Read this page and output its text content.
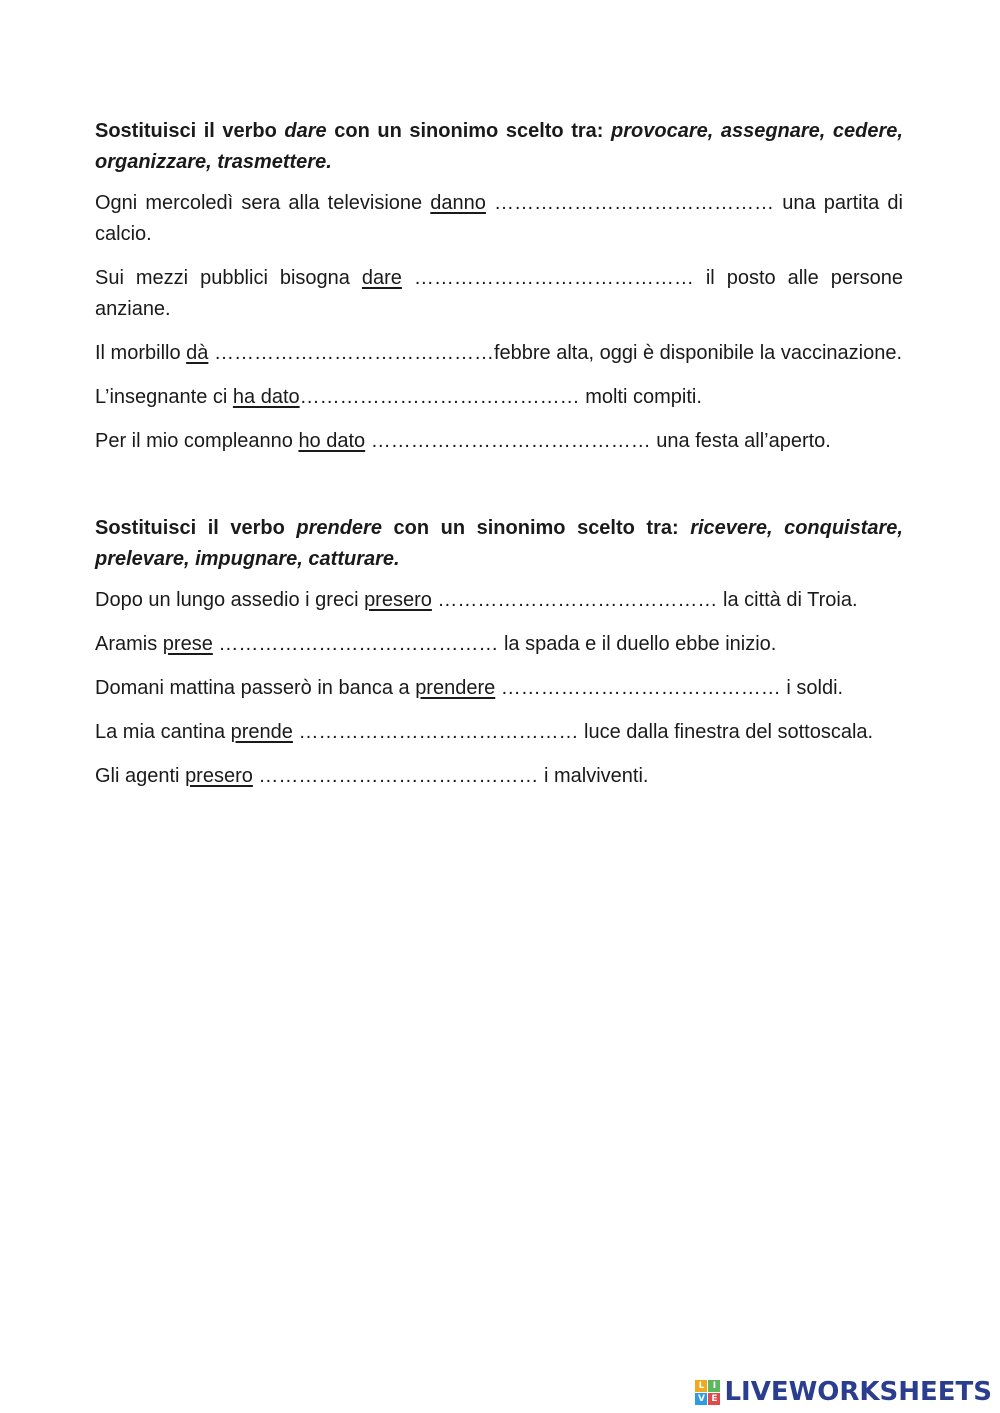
Sostituisci il verbo dare con un sinonimo scelto tra: provocare, assegnare, cedere, organizzare, trasmettere.

Ogni mercoledì sera alla televisione danno …………………………………… una partita di calcio.

Sui mezzi pubblici bisogna dare …………………………………… il posto alle persone anziane.

Il morbillo dà ……………………………………febbre alta, oggi è disponibile la vaccinazione.

L’insegnante ci ha dato…………………………………… molti compiti.

Per il mio compleanno ho dato …………………………………… una festa all’aperto.

Sostituisci il verbo prendere con un sinonimo scelto tra: ricevere, conquistare, prelevare, impugnare, catturare.

Dopo un lungo assedio i greci presero …………………………………… la città di Troia.

Aramis prese …………………………………… la spada e il duello ebbe inizio.

Domani mattina passerò in banca a prendere …………………………………… i soldi.

La mia cantina prende …………………………………… luce dalla finestra del sottoscala.

Gli agenti presero …………………………………… i malviventi.

L I
V E LIVEWORKSHEETS
